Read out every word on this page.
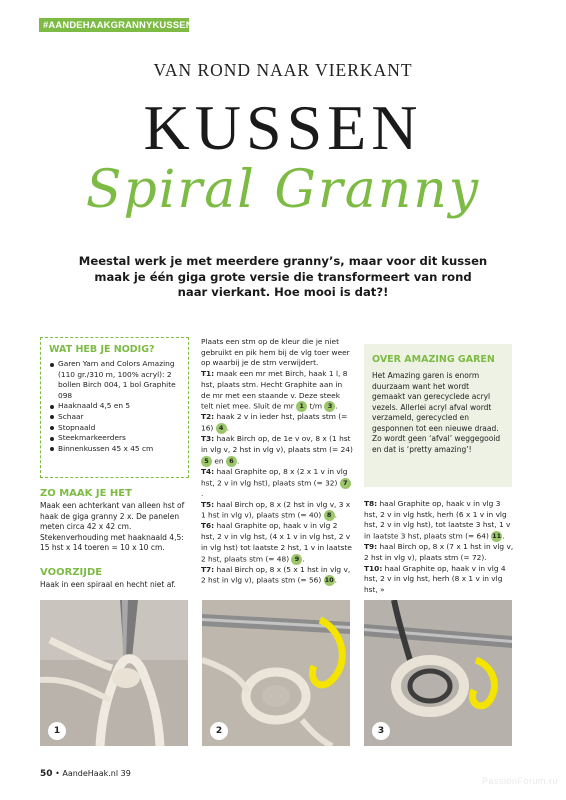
#AANDEHAAKGRANNYKUSSEN
VAN ROND NAAR VIERKANT
KUSSEN
Spiral Granny
Meestal werk je met meerdere granny’s, maar voor dit kussen maak je één giga grote versie die transformeert van rond naar vierkant. Hoe mooi is dat?!
WAT HEB JE NODIG?
Garen Yarn and Colors Amazing (110 gr./310 m, 100% acryl): 2 bollen Birch 004, 1 bol Graphite 098
Haaknaald 4,5 en 5
Schaar
Stopnaald
Steekmarkeerders
Binnenkussen 45 x 45 cm
ZO MAAK JE HET
Maak een achterkant van alleen hst of haak de giga granny 2 x. De panelen meten circa 42 x 42 cm. Stekenverhouding met haaknaald 4,5: 15 hst x 14 toeren = 10 x 10 cm.
VOORZIJDE
Haak in een spiraal en hecht niet af.

Plaats een stm op de kleur die je niet gebruikt en pik hem bij de vlg toer weer op waarbij je de stm verwijdert.

T1: maak een mr met Birch, haak 1 l, 8 hst, plaats stm. Hecht Graphite aan in de mr met een staande v. Deze steek telt niet mee. Sluit de mr 1 t/m 3 .

T2: haak 2 v in ieder hst, plaats stm (= 16) 4 .

T3: haak Birch op, de 1e v ov, 8 x (1 hst in vlg v, 2 hst in vlg v), plaats stm (= 24) 5 en 6 .

T4: haal Graphite op, 8 x (2 x 1 v in vlg hst, 2 v in vlg hst), plaats stm (= 32) 7.

T5: haal Birch op, 8 x (2 hst in vlg v, 3 x 1 hst in vlg v), plaats stm (= 40) 8 .

T6: haal Graphite op, haak v in vlg 2 hst, 2 v in vlg hst, (4 x 1 v in vlg hst, 2 v in vlg hst) tot laatste 2 hst, 1 v in laatste 2 hst, plaats stm (= 48) 9 .

T7: haal Birch op, 8 x (5 x 1 hst in vlg v, 2 hst in vlg v), plaats stm (= 56) 10.

OVER AMAZING GAREN

Het Amazing garen is enorm duurzaam want het wordt gemaakt van gerecyclede acryl vezels. Allerlei acryl afval wordt verzameld, gerecycled en gesponnen tot een nieuwe draad. Zo wordt geen ‘afval’ weggegooid en dat is ‘pretty amazing’!

T8: haal Graphite op, haak v in vlg 3 hst, 2 v in vlg hstk, herh (6 x 1 v in vlg hst, 2 v in vlg hst), tot laatste 3 hst, 1 v in laatste 3 hst, plaats stm (= 64) 11.

T9: haal Birch op, 8 x (7 x 1 hst in vlg v, 2 hst in vlg v), plaats stm (= 72).

T10: haal Graphite op, haak v in vlg 4 hst, 2 v in vlg hst, herh (8 x 1 v in vlg hst, »

1	2	3
50 • AandeHaak.nl 39
PassionForum.ru
